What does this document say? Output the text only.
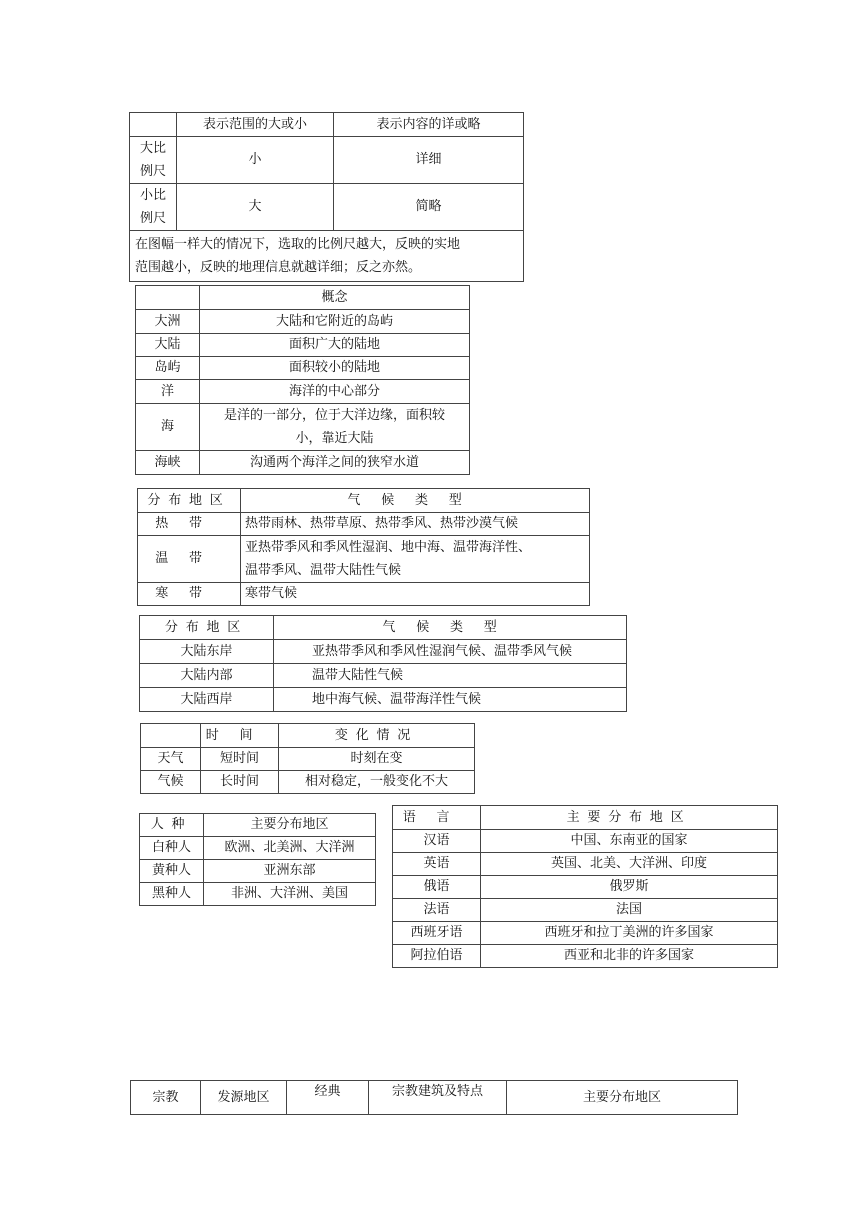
	表示范围的大或小	表示内容的详或略
大比
例尺	小	详细
小比
例尺	大	简略
在图幅一样大的情况下，选取的比例尺越大，反映的实地
范围越小，反映的地理信息就越详细；反之亦然。		
	概念
大洲	大陆和它附近的岛屿
大陆	面积广大的陆地
岛屿	面积较小的陆地
洋	海洋的中心部分
海	是洋的一部分，位于大洋边缘，面积较
小，靠近大陆
海峡	沟通两个海洋之间的狭窄水道
分布地区	气候类型
热带	热带雨林、热带草原、热带季风、热带沙漠气候
温带	亚热带季风和季风性湿润、地中海、温带海洋性、
温带季风、温带大陆性气候
寒带	寒带气候
分布地区	气候类型
大陆东岸	亚热带季风和季风性湿润气候、温带季风气候
大陆内部	温带大陆性气候
大陆西岸	地中海气候、温带海洋性气候
	时间	变化情况
天气	短时间	时刻在变
气候	长时间	相对稳定，一般变化不大
人种	主要分布地区
白种人	欧洲、北美洲、大洋洲
黄种人	亚洲东部
黑种人	非洲、大洋洲、美国
语言	主要分布地区
汉语	中国、东南亚的国家
英语	英国、北美、大洋洲、印度
俄语	俄罗斯
法语	法国
西班牙语	西班牙和拉丁美洲的许多国家
阿拉伯语	西亚和北非的许多国家
宗教	发源地区	经典	宗教建筑及特点	主要分布地区
